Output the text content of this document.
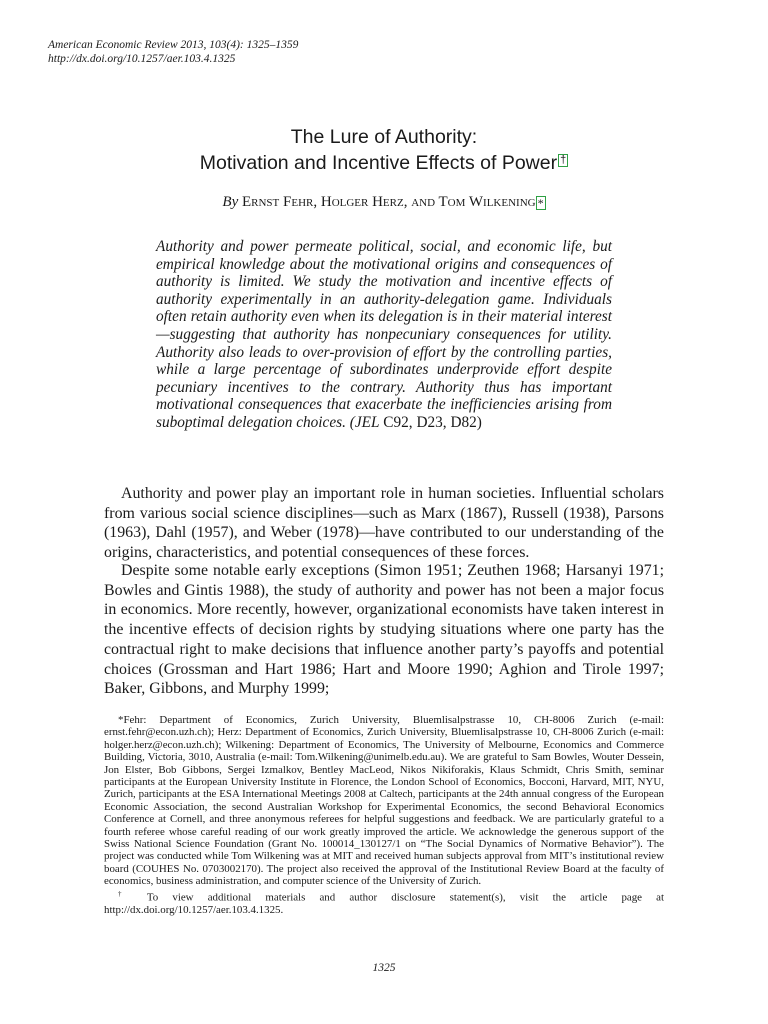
American Economic Review 2013, 103(4): 1325–1359
http://dx.doi.org/10.1257/aer.103.4.1325
The Lure of Authority:
Motivation and Incentive Effects of Power †
By Ernst Fehr, Holger Herz, and Tom Wilkening *
Authority and power permeate political, social, and economic life, but empirical knowledge about the motivational origins and consequences of authority is limited. We study the motivation and incentive effects of authority experimentally in an authority-delegation game. Individuals often retain authority even when its delegation is in their material interest—suggesting that authority has nonpecuniary consequences for utility. Authority also leads to over-provision of effort by the controlling parties, while a large percentage of subordinates underprovide effort despite pecuniary incentives to the contrary. Authority thus has important motivational consequences that exacerbate the inefficiencies arising from suboptimal delegation choices. (JEL C92, D23, D82)
Authority and power play an important role in human societies. Influential scholars from various social science disciplines—such as Marx (1867), Russell (1938), Parsons (1963), Dahl (1957), and Weber (1978)—have contributed to our understanding of the origins, characteristics, and potential consequences of these forces.
Despite some notable early exceptions (Simon 1951; Zeuthen 1968; Harsanyi 1971; Bowles and Gintis 1988), the study of authority and power has not been a major focus in economics. More recently, however, organizational economists have taken interest in the incentive effects of decision rights by studying situations where one party has the contractual right to make decisions that influence another party’s payoffs and potential choices (Grossman and Hart 1986; Hart and Moore 1990; Aghion and Tirole 1997; Baker, Gibbons, and Murphy 1999;

*Fehr: Department of Economics, Zurich University, Bluemlisalpstrasse 10, CH-8006 Zurich (e-mail: ernst.fehr@econ.uzh.ch); Herz: Department of Economics, Zurich University, Bluemlisalpstrasse 10, CH-8006 Zurich (e-mail: holger.herz@econ.uzh.ch); Wilkening: Department of Economics, The University of Melbourne, Economics and Commerce Building, Victoria, 3010, Australia (e-mail: Tom.Wilkening@unimelb.edu.au). We are grateful to Sam Bowles, Wouter Dessein, Jon Elster, Bob Gibbons, Sergei Izmalkov, Bentley MacLeod, Nikos Nikiforakis, Klaus Schmidt, Chris Smith, seminar participants at the European University Institute in Florence, the London School of Economics, Bocconi, Harvard, MIT, NYU, Zurich, participants at the ESA International Meetings 2008 at Caltech, participants at the 24th annual congress of the European Economic Association, the second Australian Workshop for Experimental Economics, the second Behavioral Economics Conference at Cornell, and three anonymous referees for helpful suggestions and feedback. We are particularly grateful to a fourth referee whose careful reading of our work greatly improved the article. We acknowledge the generous support of the Swiss National Science Foundation (Grant No. 100014_130127/1 on “The Social Dynamics of Normative Behavior”). The project was conducted while Tom Wilkening was at MIT and received human subjects approval from MIT’s institutional review board (COUHES No. 0703002170). The project also received the approval of the Institutional Review Board at the faculty of economics, business administration, and computer science of the University of Zurich.

† To view additional materials and author disclosure statement(s), visit the article page at http://dx.doi.org/10.1257/aer.103.4.1325.

1325
